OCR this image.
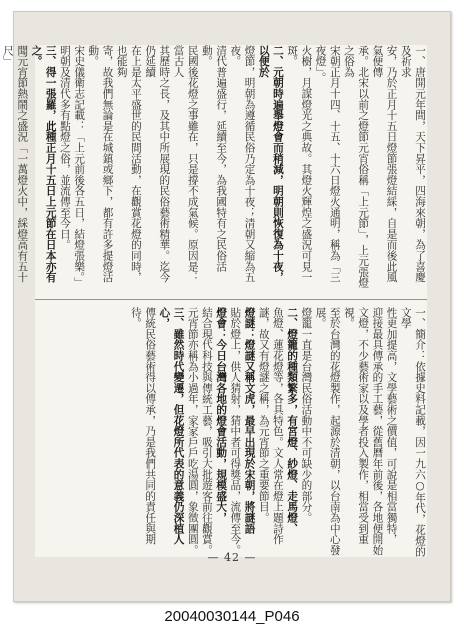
一、唐開元年間，天下昇平，四海來朝，為了喜慶及祈求
安，乃於正月十五日燈節張燈結綵，自是而後此風氣便傳
承。北宋以前之燈節元宵俗稱「上元節」，上元張燈之俗為
宋朝正月十四、十五、十六日燈火通明，稱為「三夜燈」。
火樹，月謀燈光之典故。其燈火輝煌之盛況可見一斑。
二、元朝時遍舉燈會而稍減，明朝則恢復為十夜，以便於
燈節，明朝為遵循民俗乃定為十夜；清朝又縮為五夜。
清代普遍盛行，延續至今，為我國特有之民俗活動。
民國後花燈之事雖在，只是撐不成氣候。原因是：當古人
其歷時之長，及其中所展現的民俗藝術精華。迄今仍延續
在上是太平盛世的民間活動，在觀賞花燈的同時，也能夠
寄，故我們無論是在城鎮或鄉下，都有許多提燈活動。
宋史儀衛志記載：「上元前後各五日，結燈張樂。」
明朝及清代多有點燈之俗，並流傳至今日。
三、得一張羅，此種正月十五日上元節在日本亦有之。
聞元宵節熱鬧之盛況「一萬燈火中，綵燈高有五十尺」
一、簡介：依據史料記載，因一九六○年代，花燈的文學
性更加提高，文學藝術之價值，可說是相當獨特，
迎接最具傳承的手工藝，從舊曆年前後，各地便開始
文燈，不少藝術家以及學者投入製作，相當受到重視。
至於台灣的花燈製作，起源於清朝，以台南為中心發展。
燈籠一直是台灣民俗活動中不可缺少的部分。
二、燈籠的種類繁多，有宮燈、紗燈、走馬燈、
魚燈、蓮花燈等，各具特色。文人常在燈上題詩作
謎，故又有燈謎之稱，為元宵節之重要節目。
燈謎：燈謎又稱文虎，最早出現於宋朝，將謎語
貼於燈上，供人猜射，猜中者可得獎品，流傳至今。
燈會：今日台灣各地的燈會活動，規模盛大，
結合現代科技與傳統工藝，吸引大批遊客前往觀賞。
元宵節亦稱為小過年，家家戶戶吃湯圓，象徵團圓。
三、雖然時代變遷，但花燈所代表的意義仍深植人心，
傳統民俗藝術得以傳承，乃是我們共同的責任與期待。
— 42 —
20040030144_P046
